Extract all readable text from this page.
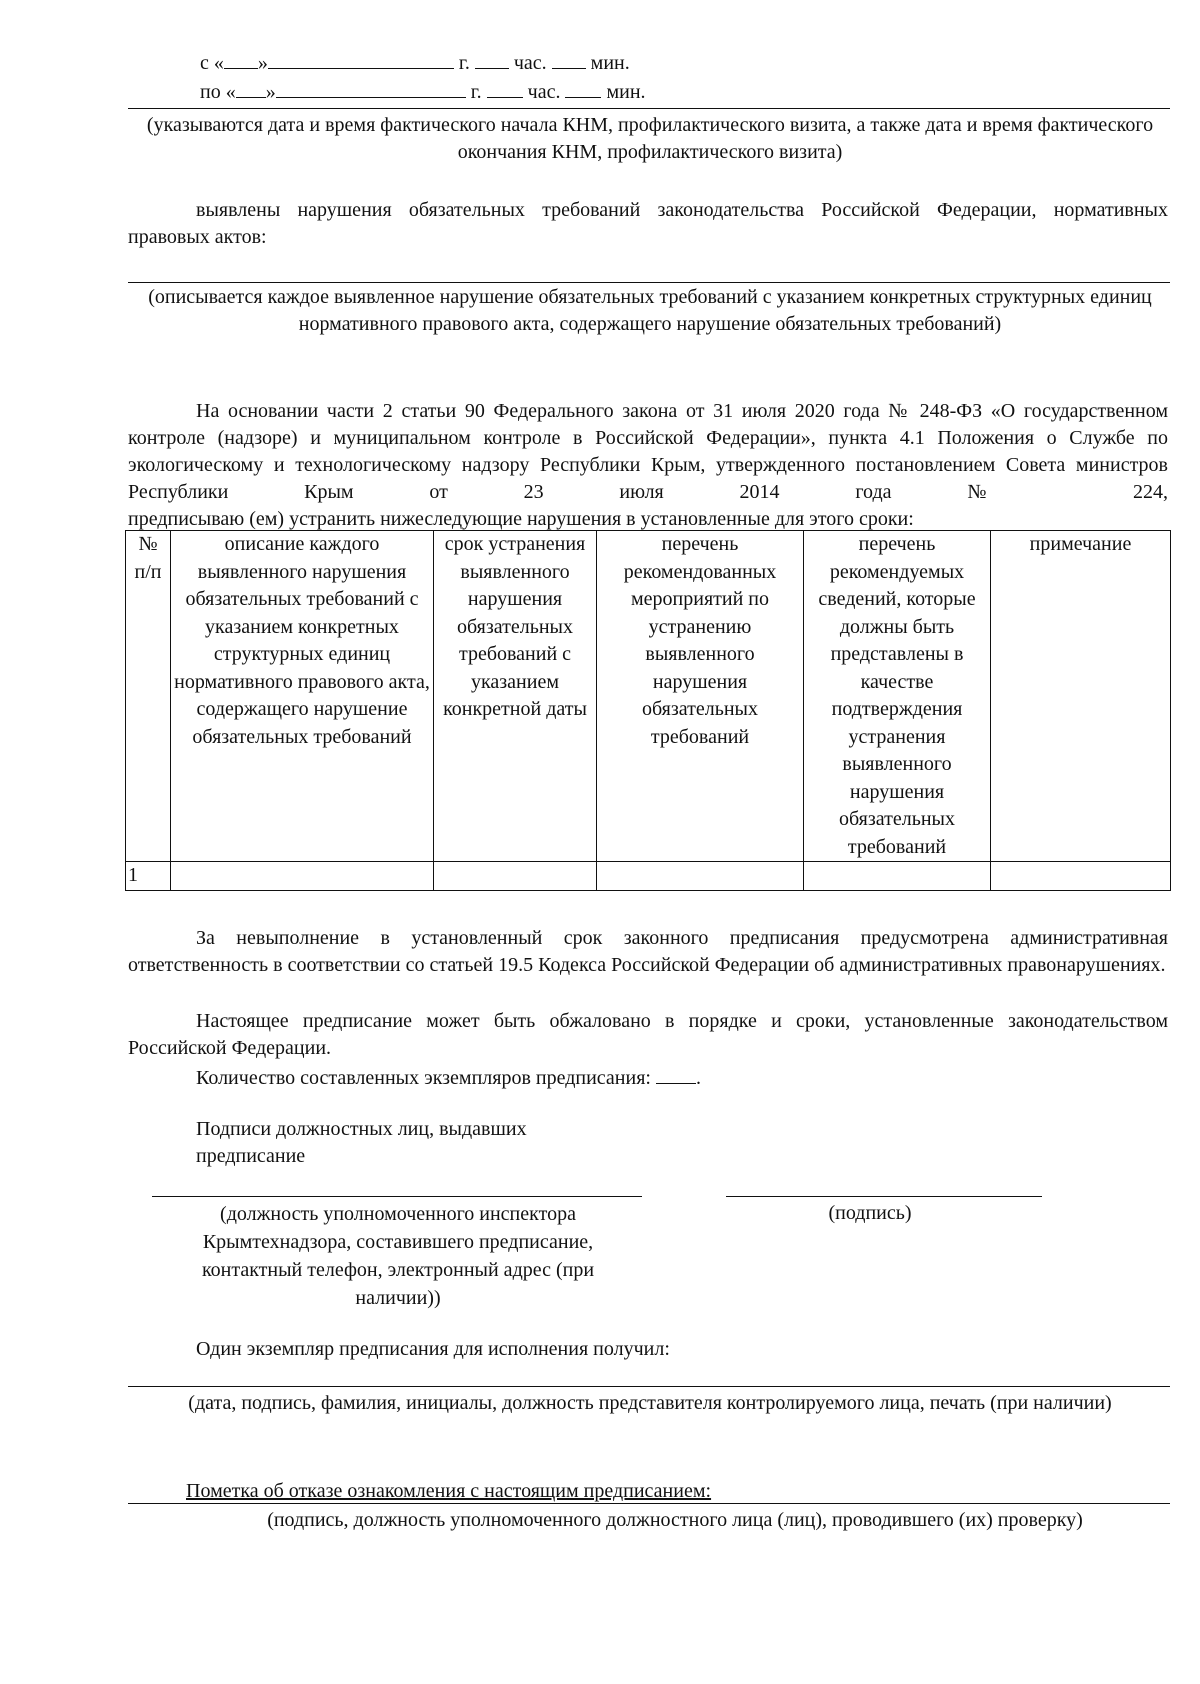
с « »	г. час. мин.
по « »	г. час. мин.
(указываются дата и время фактического начала КНМ, профилактического визита, а также дата и время фактического окончания КНМ, профилактического визита)
выявлены нарушения обязательных требований законодательства Российской Федерации, нормативных правовых актов:
(описывается каждое выявленное нарушение обязательных требований с указанием конкретных структурных единиц нормативного правового акта, содержащего нарушение обязательных требований)
На основании части 2 статьи 90 Федерального закона от 31 июля 2020 года № 248-ФЗ «О государственном контроле (надзоре) и муниципальном контроле в Российской Федерации», пункта 4.1 Положения о Службе по экологическому и технологическому надзору Республики Крым, утвержденного постановлением Совета министров Республики Крым от 23 июля 2014 года № 224,
предписываю (ем) устранить нижеследующие нарушения в установленные для этого сроки:
№ п/п	описание каждого выявленного нарушения обязательных требований с указанием конкретных структурных единиц нормативного правового акта, содержащего нарушение обязательных требований	срок устранения выявленного нарушения обязательных требований с указанием конкретной даты	перечень рекомендованных мероприятий по устранению выявленного нарушения обязательных требований	перечень рекомендуемых сведений, которые должны быть представлены в качестве подтверждения устранения выявленного нарушения обязательных требований	примечание
1					
За невыполнение в установленный срок законного предписания предусмотрена административная ответственность в соответствии со статьей 19.5 Кодекса Российской Федерации об административных правонарушениях.
Настоящее предписание может быть обжаловано в порядке и сроки, установленные законодательством Российской Федерации.
Количество составленных экземпляров предписания: .
Подписи должностных лиц, выдавших предписание
(должность уполномоченного инспектора Крымтехнадзора, составившего предписание, контактный телефон, электронный адрес (при наличии))
(подпись)
Один экземпляр предписания для исполнения получил:
(дата, подпись, фамилия, инициалы, должность представителя контролируемого лица, печать (при наличии)
Пометка об отказе ознакомления с настоящим предписанием:
(подпись, должность уполномоченного должностного лица (лиц), проводившего (их) проверку)
